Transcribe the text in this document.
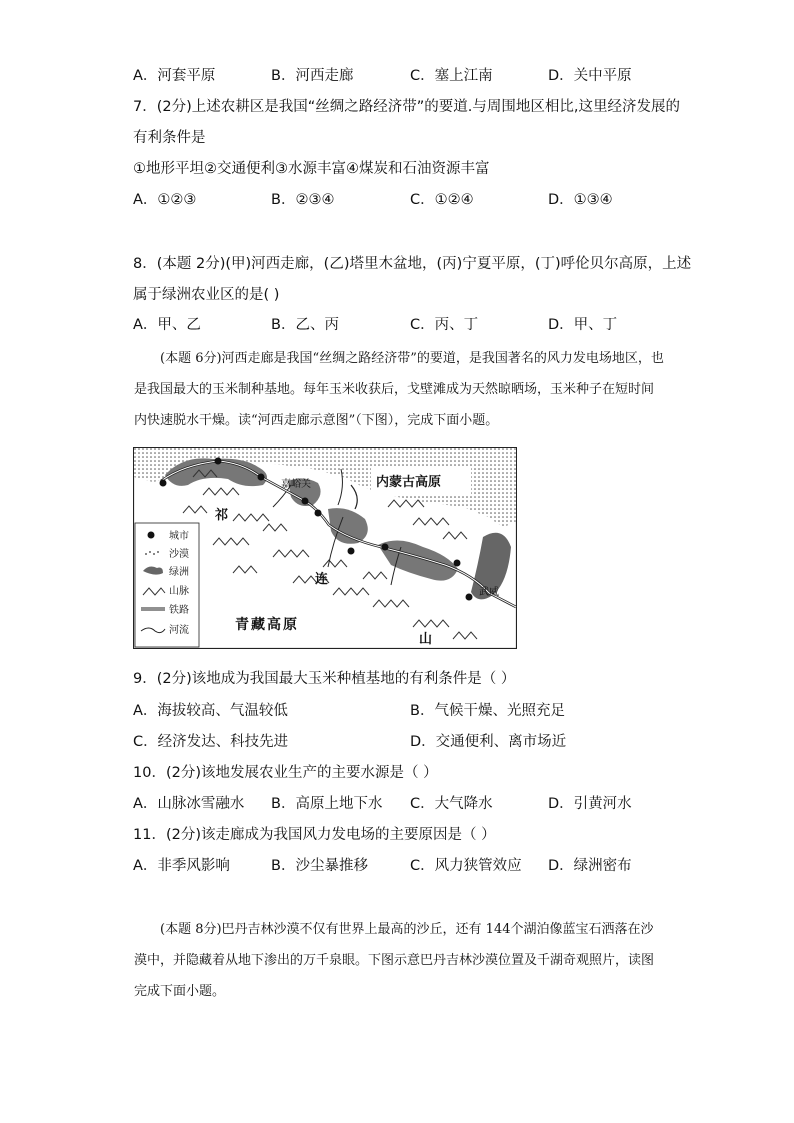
A．河套平原	B．河西走廊	C．塞上江南	D．关中平原
7．(2分)上述农耕区是我国“丝绸之路经济带”的要道.与周围地区相比,这里经济发展的
有利条件是
①地形平坦②交通便利③水源丰富④煤炭和石油资源丰富
A．①②③	B．②③④	C．①②④	D．①③④
8．(本题 2分)(甲)河西走廊，(乙)塔里木盆地，(丙)宁夏平原，(丁)呼伦贝尔高原，上述
属于绿洲农业区的是( )
A．甲、乙	B．乙、丙	C．丙、丁	D．甲、丁
(本题 6分)河西走廊是我国“丝绸之路经济带”的要道，是我国著名的风力发电场地区，也是我国最大的玉米制种基地。每年玉米收获后，戈壁滩成为天然晾晒场，玉米种子在短时间内快速脱水干燥。读“河西走廊示意图”（下图），完成下面小题。
内蒙古高原
嘉峪关
武威
祁
连
山
青藏高原
城市
沙漠
绿洲
山脉
铁路
河流
9．(2分)该地成为我国最大玉米种植基地的有利条件是（ ）
A．海拔较高、气温较低	B．气候干燥、光照充足
C．经济发达、科技先进	D．交通便利、离市场近
10．(2分)该地发展农业生产的主要水源是（ ）
A．山脉冰雪融水 B．高原上地下水 C．大气降水	D．引黄河水
11．(2分)该走廊成为我国风力发电场的主要原因是（ ）
A．非季风影响	B．沙尘暴推移	C．风力狭管效应 D．绿洲密布
(本题 8分)巴丹吉林沙漠不仅有世界上最高的沙丘，还有 144个湖泊像蓝宝石洒落在沙漠中，并隐藏着从地下渗出的万千泉眼。下图示意巴丹吉林沙漠位置及千湖奇观照片，读图完成下面小题。
